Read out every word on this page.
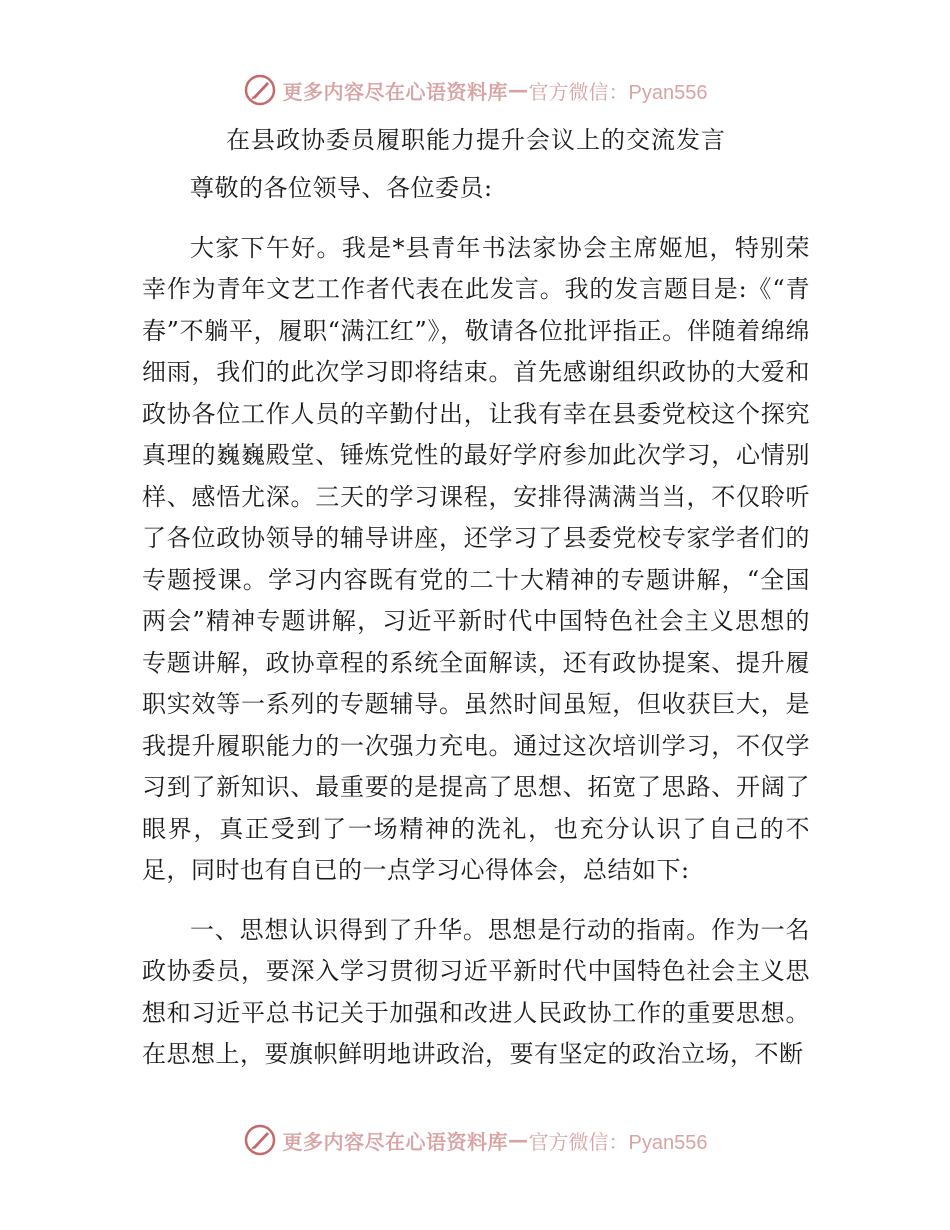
更多内容尽在心语资料库 — 官方微信：Pyan556
在县政协委员履职能力提升会议上的交流发言

尊敬的各位领导、各位委员:

大家下午好。我是*县青年书法家协会主席姬旭，特别荣幸作为青年文艺工作者代表在此发言。我的发言题目是:《“青春”不躺平，履职“满江红”》，敬请各位批评指正。伴随着绵绵细雨，我们的此次学习即将结束。首先感谢组织政协的大爱和政协各位工作人员的辛勤付出，让我有幸在县委党校这个探究真理的巍巍殿堂、锤炼党性的最好学府参加此次学习，心情别样、感悟尤深。三天的学习课程，安排得满满当当，不仅聆听了各位政协领导的辅导讲座，还学习了县委党校专家学者们的专题授课。学习内容既有党的二十大精神的专题讲解，“全国两会”精神专题讲解，习近平新时代中国特色社会主义思想的专题讲解，政协章程的系统全面解读，还有政协提案、提升履职实效等一系列的专题辅导。虽然时间虽短，但收获巨大，是我提升履职能力的一次强力充电。通过这次培训学习，不仅学习到了新知识、最重要的是提高了思想、拓宽了思路、开阔了眼界，真正受到了一场精神的洗礼，也充分认识了自己的不足，同时也有自已的一点学习心得体会，总结如下:

一、思想认识得到了升华。思想是行动的指南。作为一名政协委员，要深入学习贯彻习近平新时代中国特色社会主义思想和习近平总书记关于加强和改进人民政协工作的重要思想。在思想上，要旗帜鲜明地讲政治，要有坚定的政治立场，不断

更多内容尽在心语资料库 — 官方微信：Pyan556
